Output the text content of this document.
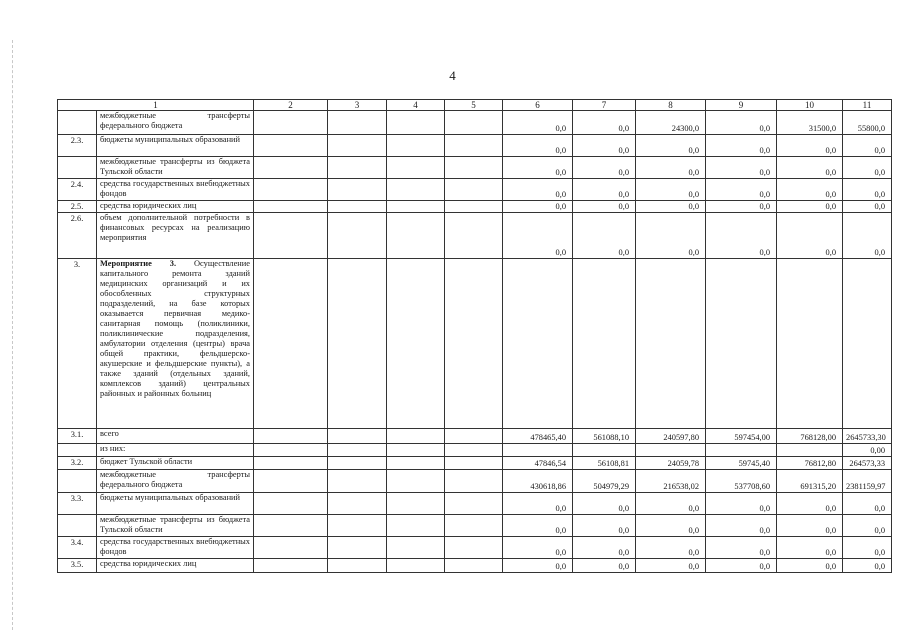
4
1		2	3	4	5	6	7	8	9	10	11
	межбюджетные трансферты федерального бюджета					0,0	0,0	24300,0	0,0	31500,0	55800,0
2.3.	бюджеты муниципальных образований					0,0	0,0	0,0	0,0	0,0	0,0
	межбюджетные трансферты из бюджета Тульской области					0,0	0,0	0,0	0,0	0,0	0,0
2.4.	средства государственных внебюджетных фондов					0,0	0,0	0,0	0,0	0,0	0,0
2.5.	средства юридических лиц					0,0	0,0	0,0	0,0	0,0	0,0
2.6.	объем дополнительной потребности в финансовых ресурсах на реализацию мероприятия					0,0	0,0	0,0	0,0	0,0	0,0
3.	Мероприятие 3. Осуществление капитального ремонта зданий медицинских организаций и их обособленных структурных подразделений, на базе которых оказывается первичная медико-санитарная помощь (поликлиники, поликлинические подразделения, амбулатории отделения (центры) врача общей практики, фельдшерско-акушерские и фельдшерские пункты), а также зданий (отдельных зданий, комплексов зданий) центральных районных и районных больниц										
3.1.	всего					478465,40	561088,10	240597,80	597454,00	768128,00	2645733,30
	из них:										0,00
3.2.	бюджет Тульской области					47846,54	56108,81	24059,78	59745,40	76812,80	264573,33
	межбюджетные трансферты федерального бюджета					430618,86	504979,29	216538,02	537708,60	691315,20	2381159,97
3.3.	бюджеты муниципальных образований					0,0	0,0	0,0	0,0	0,0	0,0
	межбюджетные трансферты из бюджета Тульской области					0,0	0,0	0,0	0,0	0,0	0,0
3.4.	средства государственных внебюджетных фондов					0,0	0,0	0,0	0,0	0,0	0,0
3.5.	средства юридических лиц					0,0	0,0	0,0	0,0	0,0	0,0
